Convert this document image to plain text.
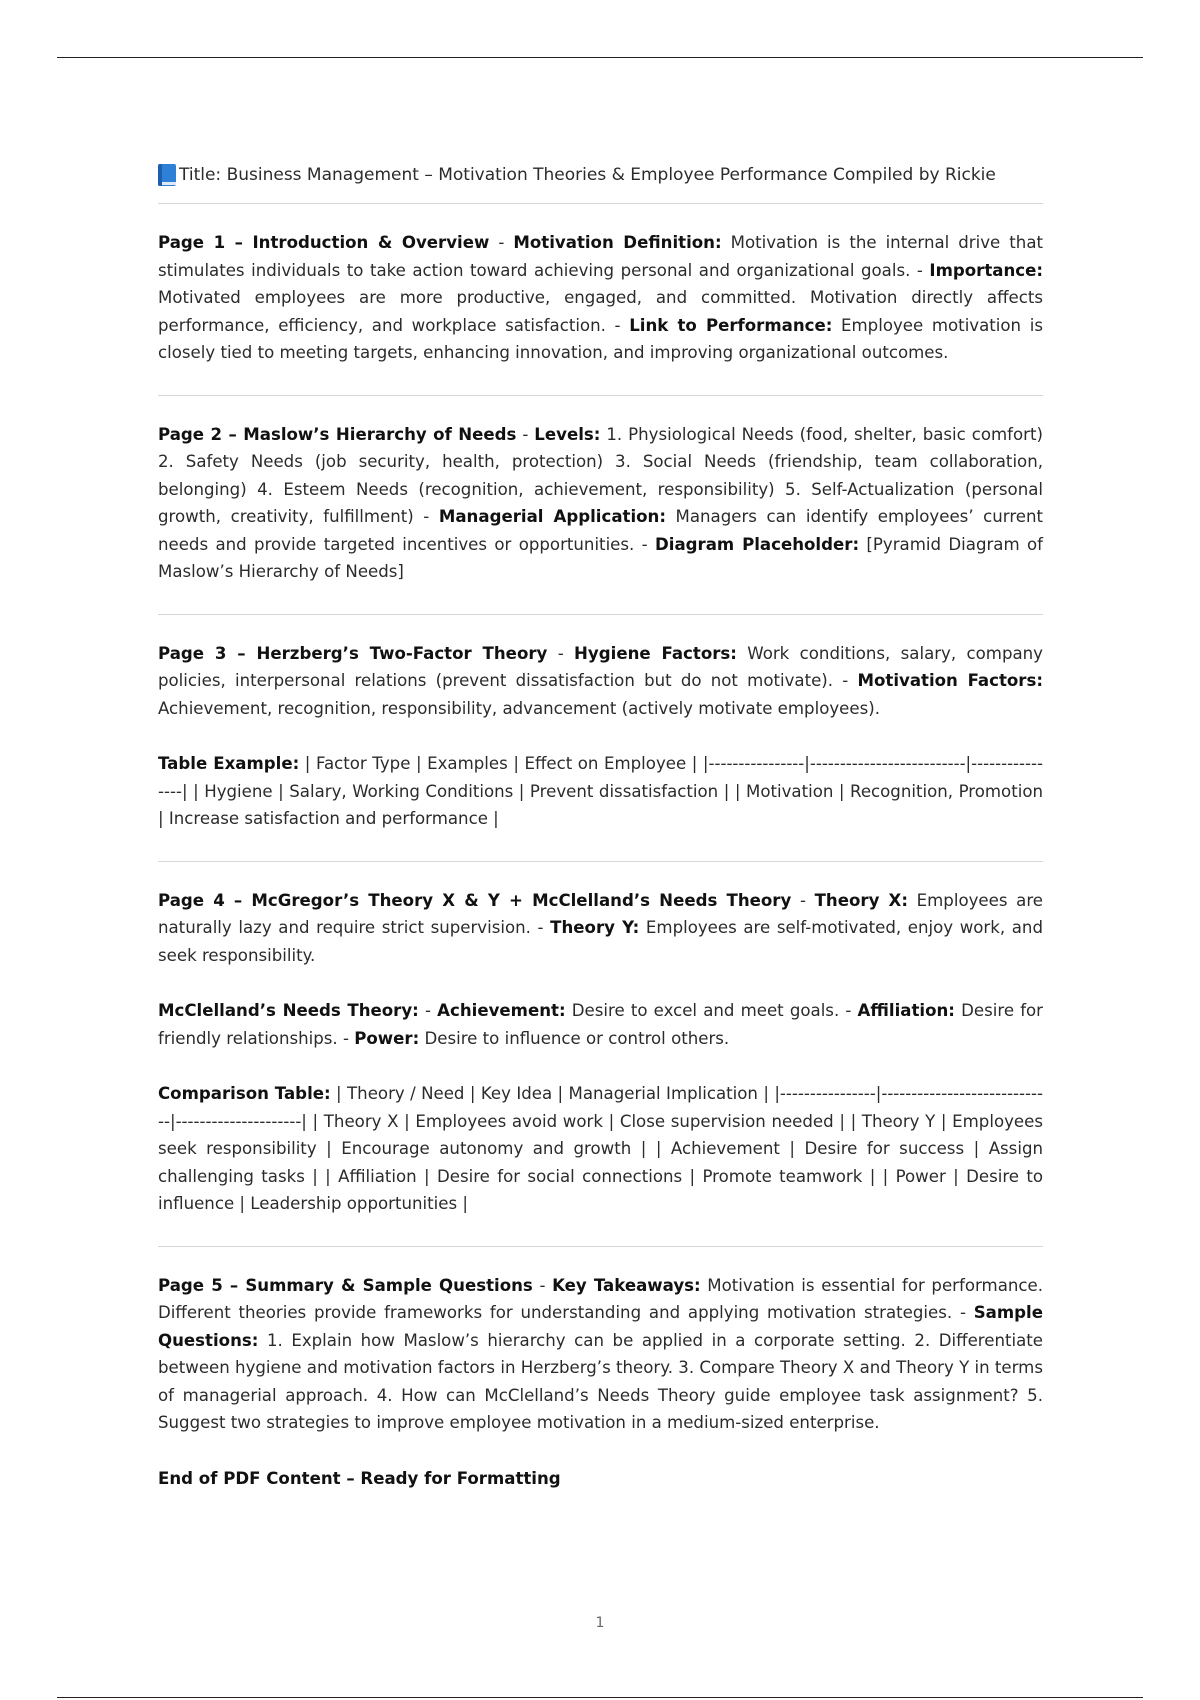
Title: Business Management – Motivation Theories & Employee Performance Compiled by Rickie

Page 1 – Introduction & Overview - Motivation Definition: Motivation is the internal drive that stimulates individuals to take action toward achieving personal and organizational goals. - Importance: Motivated employees are more productive, engaged, and committed. Motivation directly affects performance, efficiency, and workplace satisfaction. - Link to Performance: Employee motivation is closely tied to meeting targets, enhancing innovation, and improving organizational outcomes.

Page 2 – Maslow’s Hierarchy of Needs - Levels: 1. Physiological Needs (food, shelter, basic comfort) 2. Safety Needs (job security, health, protection) 3. Social Needs (friendship, team collaboration, belonging) 4. Esteem Needs (recognition, achievement, responsibility) 5. Self-Actualization (personal growth, creativity, fulfillment) - Managerial Application: Managers can identify employees’ current needs and provide targeted incentives or opportunities. - Diagram Placeholder: [Pyramid Diagram of Maslow’s Hierarchy of Needs]

Page 3 – Herzberg’s Two-Factor Theory - Hygiene Factors: Work conditions, salary, company policies, interpersonal relations (prevent dissatisfaction but do not motivate). - Motivation Factors: Achievement, recognition, responsibility, advancement (actively motivate employees).

Table Example: | Factor Type | Examples | Effect on Employee | |----------------|--------------------------|----------------| | Hygiene | Salary, Working Conditions | Prevent dissatisfaction | | Motivation | Recognition, Promotion | Increase satisfaction and performance |

Page 4 – McGregor’s Theory X & Y + McClelland’s Needs Theory - Theory X: Employees are naturally lazy and require strict supervision. - Theory Y: Employees are self-motivated, enjoy work, and seek responsibility.

McClelland’s Needs Theory: - Achievement: Desire to excel and meet goals. - Affiliation: Desire for friendly relationships. - Power: Desire to influence or control others.

Comparison Table: | Theory / Need | Key Idea | Managerial Implication | |----------------|-----------------------------|---------------------| | Theory X | Employees avoid work | Close supervision needed | | Theory Y | Employees seek responsibility | Encourage autonomy and growth | | Achievement | Desire for success | Assign challenging tasks | | Affiliation | Desire for social connections | Promote teamwork | | Power | Desire to influence | Leadership opportunities |

Page 5 – Summary & Sample Questions - Key Takeaways: Motivation is essential for performance. Different theories provide frameworks for understanding and applying motivation strategies. - Sample Questions: 1. Explain how Maslow’s hierarchy can be applied in a corporate setting. 2. Differentiate between hygiene and motivation factors in Herzberg’s theory. 3. Compare Theory X and Theory Y in terms of managerial approach. 4. How can McClelland’s Needs Theory guide employee task assignment? 5. Suggest two strategies to improve employee motivation in a medium-sized enterprise.

End of PDF Content – Ready for Formatting

1
